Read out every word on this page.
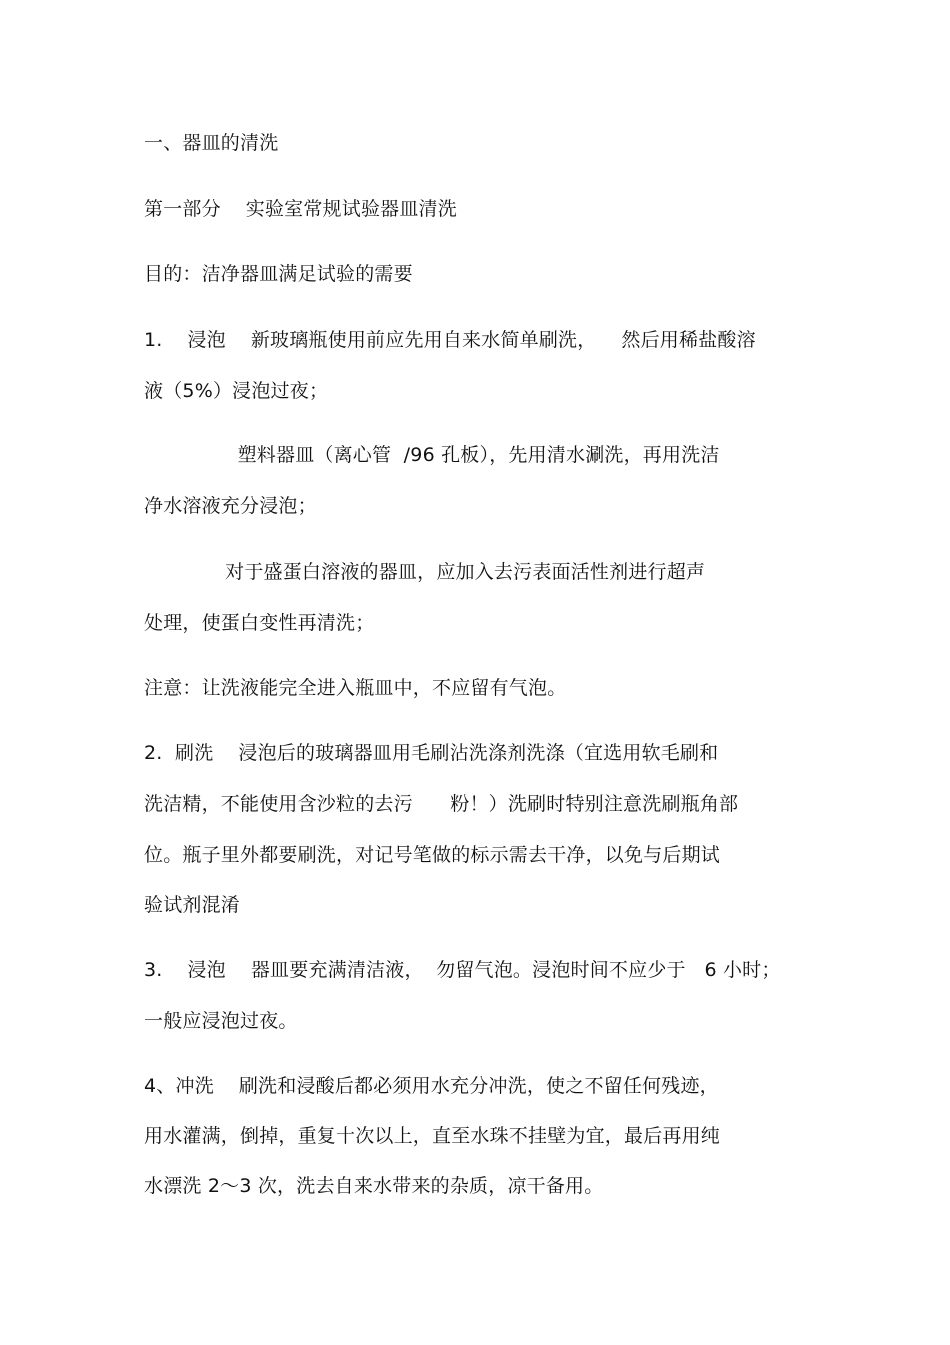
一、器皿的清洗
第一部分    实验室常规试验器皿清洗
目的：洁净器皿满足试验的需要
1.    浸泡    新玻璃瓶使用前应先用自来水简单刷洗，    然后用稀盐酸溶
液（5%）浸泡过夜；
塑料器皿（离心管  /96 孔板），先用清水涮洗，再用洗洁
净水溶液充分浸泡；
对于盛蛋白溶液的器皿，应加入去污表面活性剂进行超声
处理，使蛋白变性再清洗；
注意：让洗液能完全进入瓶皿中，不应留有气泡。
2.  刷洗    浸泡后的玻璃器皿用毛刷沾洗涤剂洗涤（宜选用软毛刷和
洗洁精，不能使用含沙粒的去污      粉！）洗刷时特别注意洗刷瓶角部
位。瓶子里外都要刷洗，对记号笔做的标示需去干净，以免与后期试
验试剂混淆
3.    浸泡    器皿要充满清洁液，  勿留气泡。浸泡时间不应少于   6 小时；
一般应浸泡过夜。
4、冲洗    刷洗和浸酸后都必须用水充分冲洗，使之不留任何残迹，
用水灌满，倒掉，重复十次以上，直至水珠不挂壁为宜，最后再用纯
水漂洗 2～3 次，洗去自来水带来的杂质，凉干备用。
